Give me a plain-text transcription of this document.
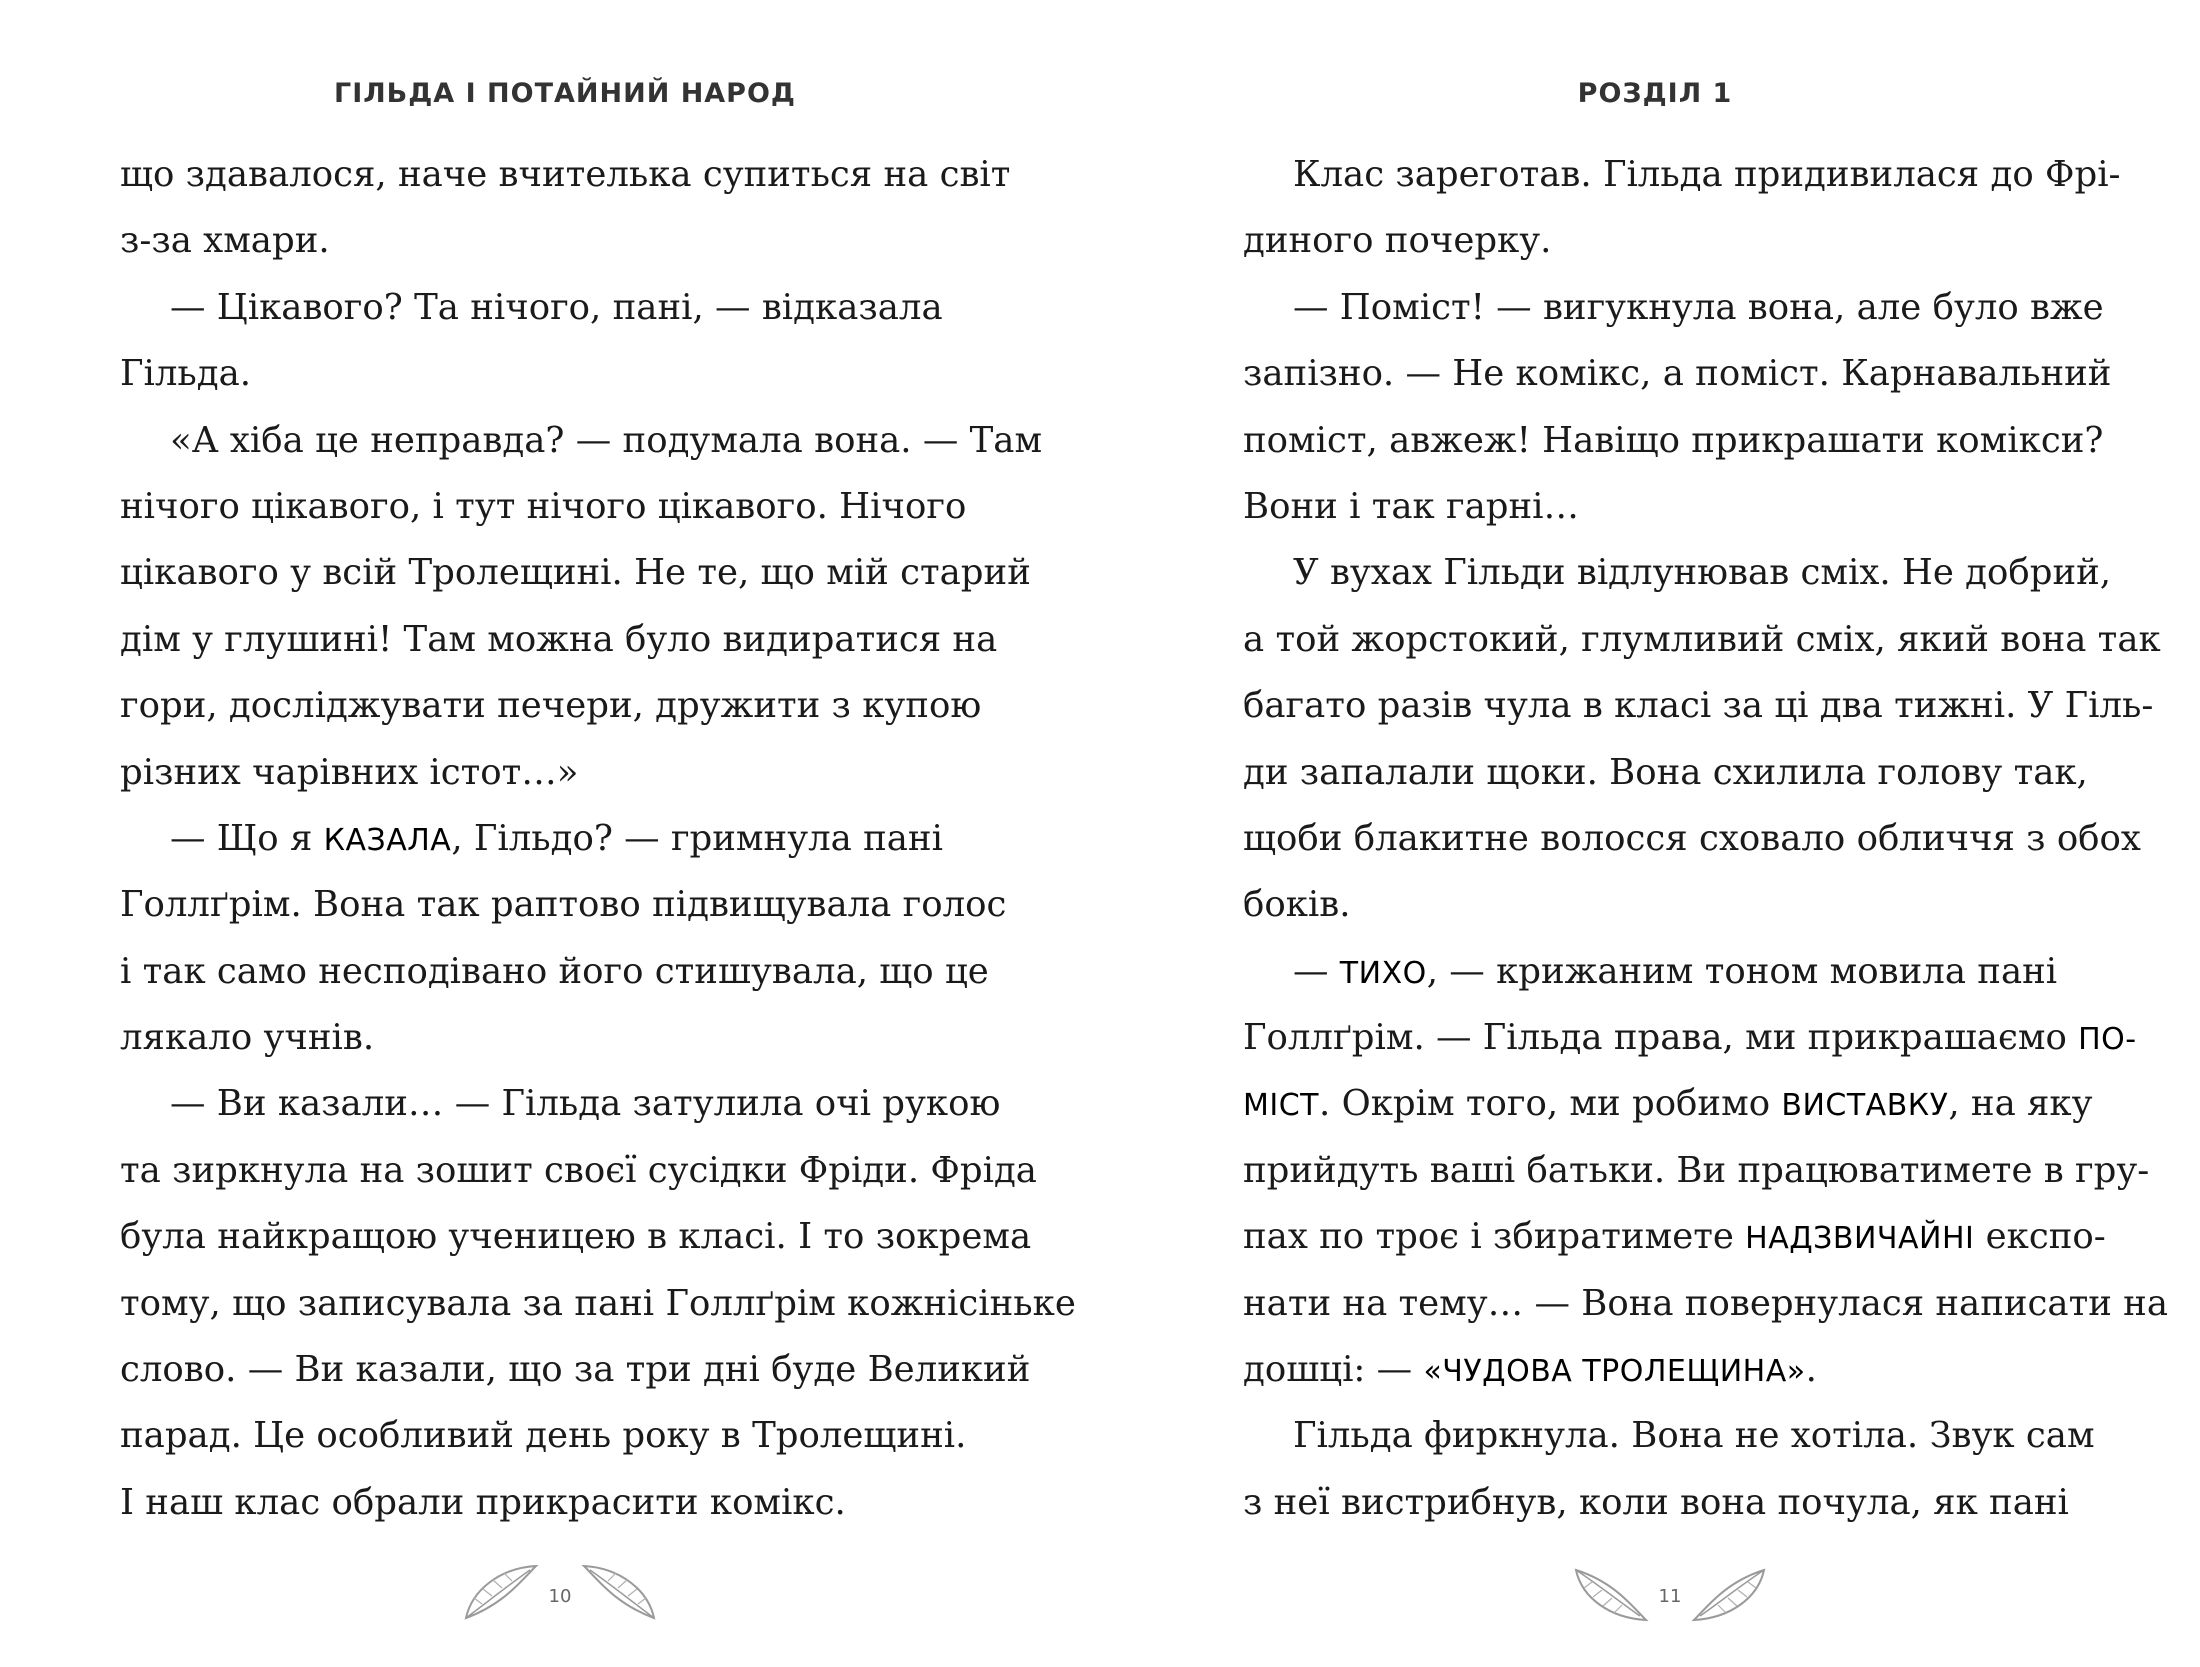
ГІЛЬДА І ПОТАЙНИЙ НАРОД
що здавалося, наче вчителька супиться на світ
з-за хмари.
— Цікавого? Та нічого, пані, — відказала
Гільда.
«А хіба це неправда? — подумала вона. — Там
нічого цікавого, і тут нічого цікавого. Нічого
цікавого у всій Тролещині. Не те, що мій старий
дім у глушині! Там можна було видиратися на
гори, досліджувати печери, дружити з купою
різних чарівних істот…»
— Що я КАЗАЛА, Гільдо? — гримнула пані
Голлґрім. Вона так раптово підвищувала голос
і так само несподівано його стишувала, що це
лякало учнів.
— Ви казали… — Гільда затулила очі рукою
та зиркнула на зошит своєї сусідки Фріди. Фріда
була найкращою ученицею в класі. І то зокрема
тому, що записувала за пані Голлґрім кожнісіньке
слово. — Ви казали, що за три дні буде Великий
парад. Це особливий день року в Тролещині.
І наш клас обрали прикрасити комікс.
10
РОЗДІЛ 1
Клас зареготав. Гільда придивилася до Фрі-
диного почерку.
— Поміст! — вигукнула вона, але було вже
запізно. — Не комікс, а поміст. Карнавальний
поміст, авжеж! Навіщо прикрашати комікси?
Вони і так гарні…
У вухах Гільди відлунював сміх. Не добрий,
а той жорстокий, глумливий сміх, який вона так
багато разів чула в класі за ці два тижні. У Гіль-
ди запалали щоки. Вона схилила голову так,
щоби блакитне волосся сховало обличчя з обох
боків.
— ТИХО, — крижаним тоном мовила пані
Голлґрім. — Гільда права, ми прикрашаємо ПО-
МІСТ. Окрім того, ми робимо ВИСТАВКУ, на яку
прийдуть ваші батьки. Ви працюватимете в гру-
пах по троє і збиратимете НАДЗВИЧАЙНІ експо-
нати на тему… — Вона повернулася написати на
дошці: — «ЧУДОВА ТРОЛЕЩИНА».
Гільда фиркнула. Вона не хотіла. Звук сам
з неї вистрибнув, коли вона почула, як пані
11
